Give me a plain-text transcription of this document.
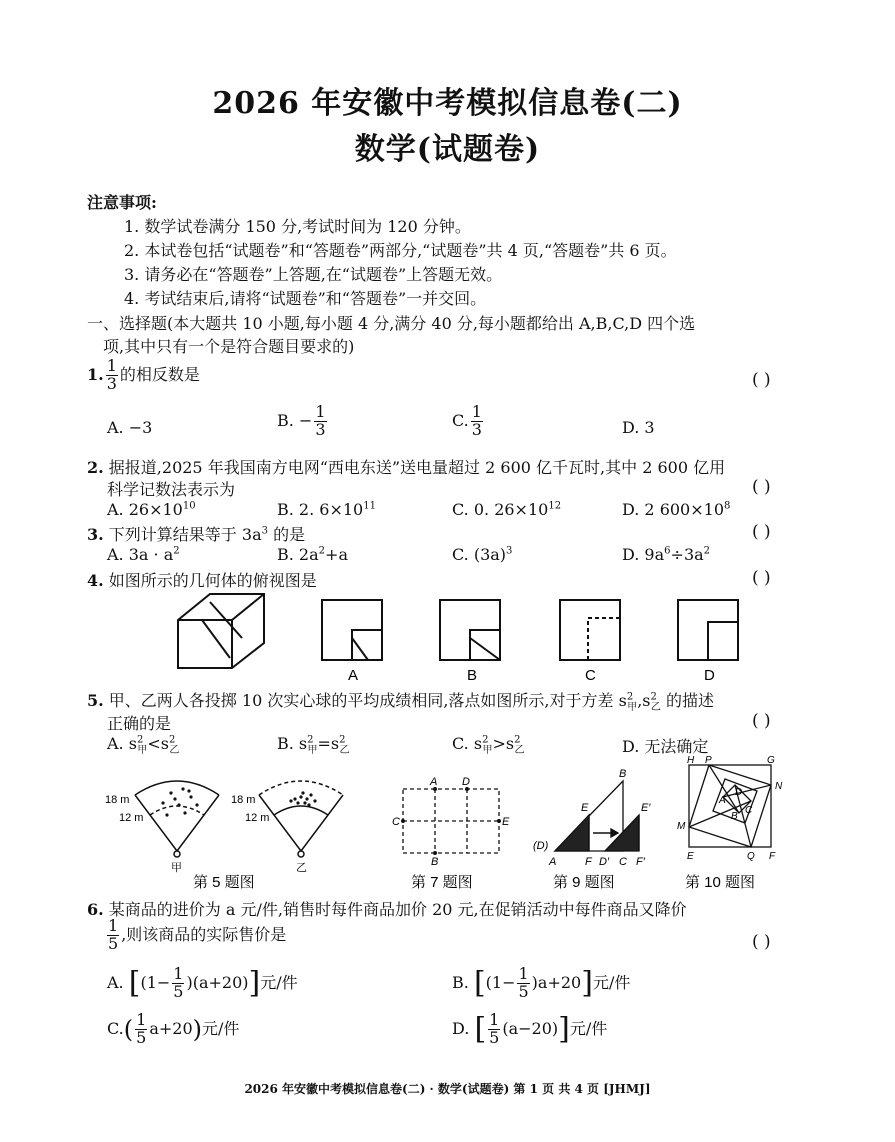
2026 年安徽中考模拟信息卷(二)
数学(试题卷)
注意事项:
1. 数学试卷满分 150 分,考试时间为 120 分钟。
2. 本试卷包括“试题卷”和“答题卷”两部分,“试题卷”共 4 页,“答题卷”共 6 页。
3. 请务必在“答题卷”上答题,在“试题卷”上答题无效。
4. 考试结束后,请将“试题卷”和“答题卷”一并交回。
一、选择题(本大题共 10 小题,每小题 4 分,满分 40 分,每小题都给出 A,B,C,D 四个选
项,其中只有一个是符合题目要求的)
1. $\frac{1}{3}$ 的相反数是	( )
A. −3	B. − $\frac{1}{3}$	C. $\frac{1}{3}$	D. 3
2. 据报道,2025 年我国南方电网“西电东送”送电量超过 2 600 亿千瓦时,其中 2 600 亿用
科学记数法表示为	( )
A. $26\times 10^{10}$	B. 2. $6\times 10^{11}$	C. 0. $26\times 10^{12}$	D. 2 $600\times 10^8$
3. 下列计算结果等于 $3a^3$ 的是	( )
A. $3a \cdot a^2$	B. $2a^2+a$	C. $(3a)^3$	D. $9a^6\div 3a^2$
4. 如图所示的几何体的俯视图是	( )
A	B	C	D
5. 甲、乙两人各投掷 10 次实心球的平均成绩相同,落点如图所示,对于方差 $s^2_甲,s^2_乙$ 的描述
正确的是	( )
A. $s^2_甲<s^2_乙$	B. $s^2_甲=s^2_乙$	C. $s^2_甲>s^2_乙$	D. 无法确定
18 m
12 m
甲
18 m
12 m
乙
A D
C	E
B
B
E	E′
(D)
A	F D′ C F′
H P	G
N
M
E	Q F
A
B
C
D
第 5 题图	第 7 题图	第 9 题图	第 10 题图
6. 某商品的进价为 a 元/件,销售时每件商品加价 20 元,在促销活动中每件商品又降价
$\frac{1}{5}$ ,则该商品的实际售价是	( )
A. $[(1- \frac{1}{5} )(a+20)]$元/件	B. $[(1- \frac{1}{5} )a+20]$元/件
$C.( \frac{1}{5} a+20)$元/件	D. [ $\frac{1}{5} (a-20)$]元/件
2026 年安徽中考模拟信息卷(二) · 数学(试题卷) 第 1 页 共 4 页 [JHMJ]
